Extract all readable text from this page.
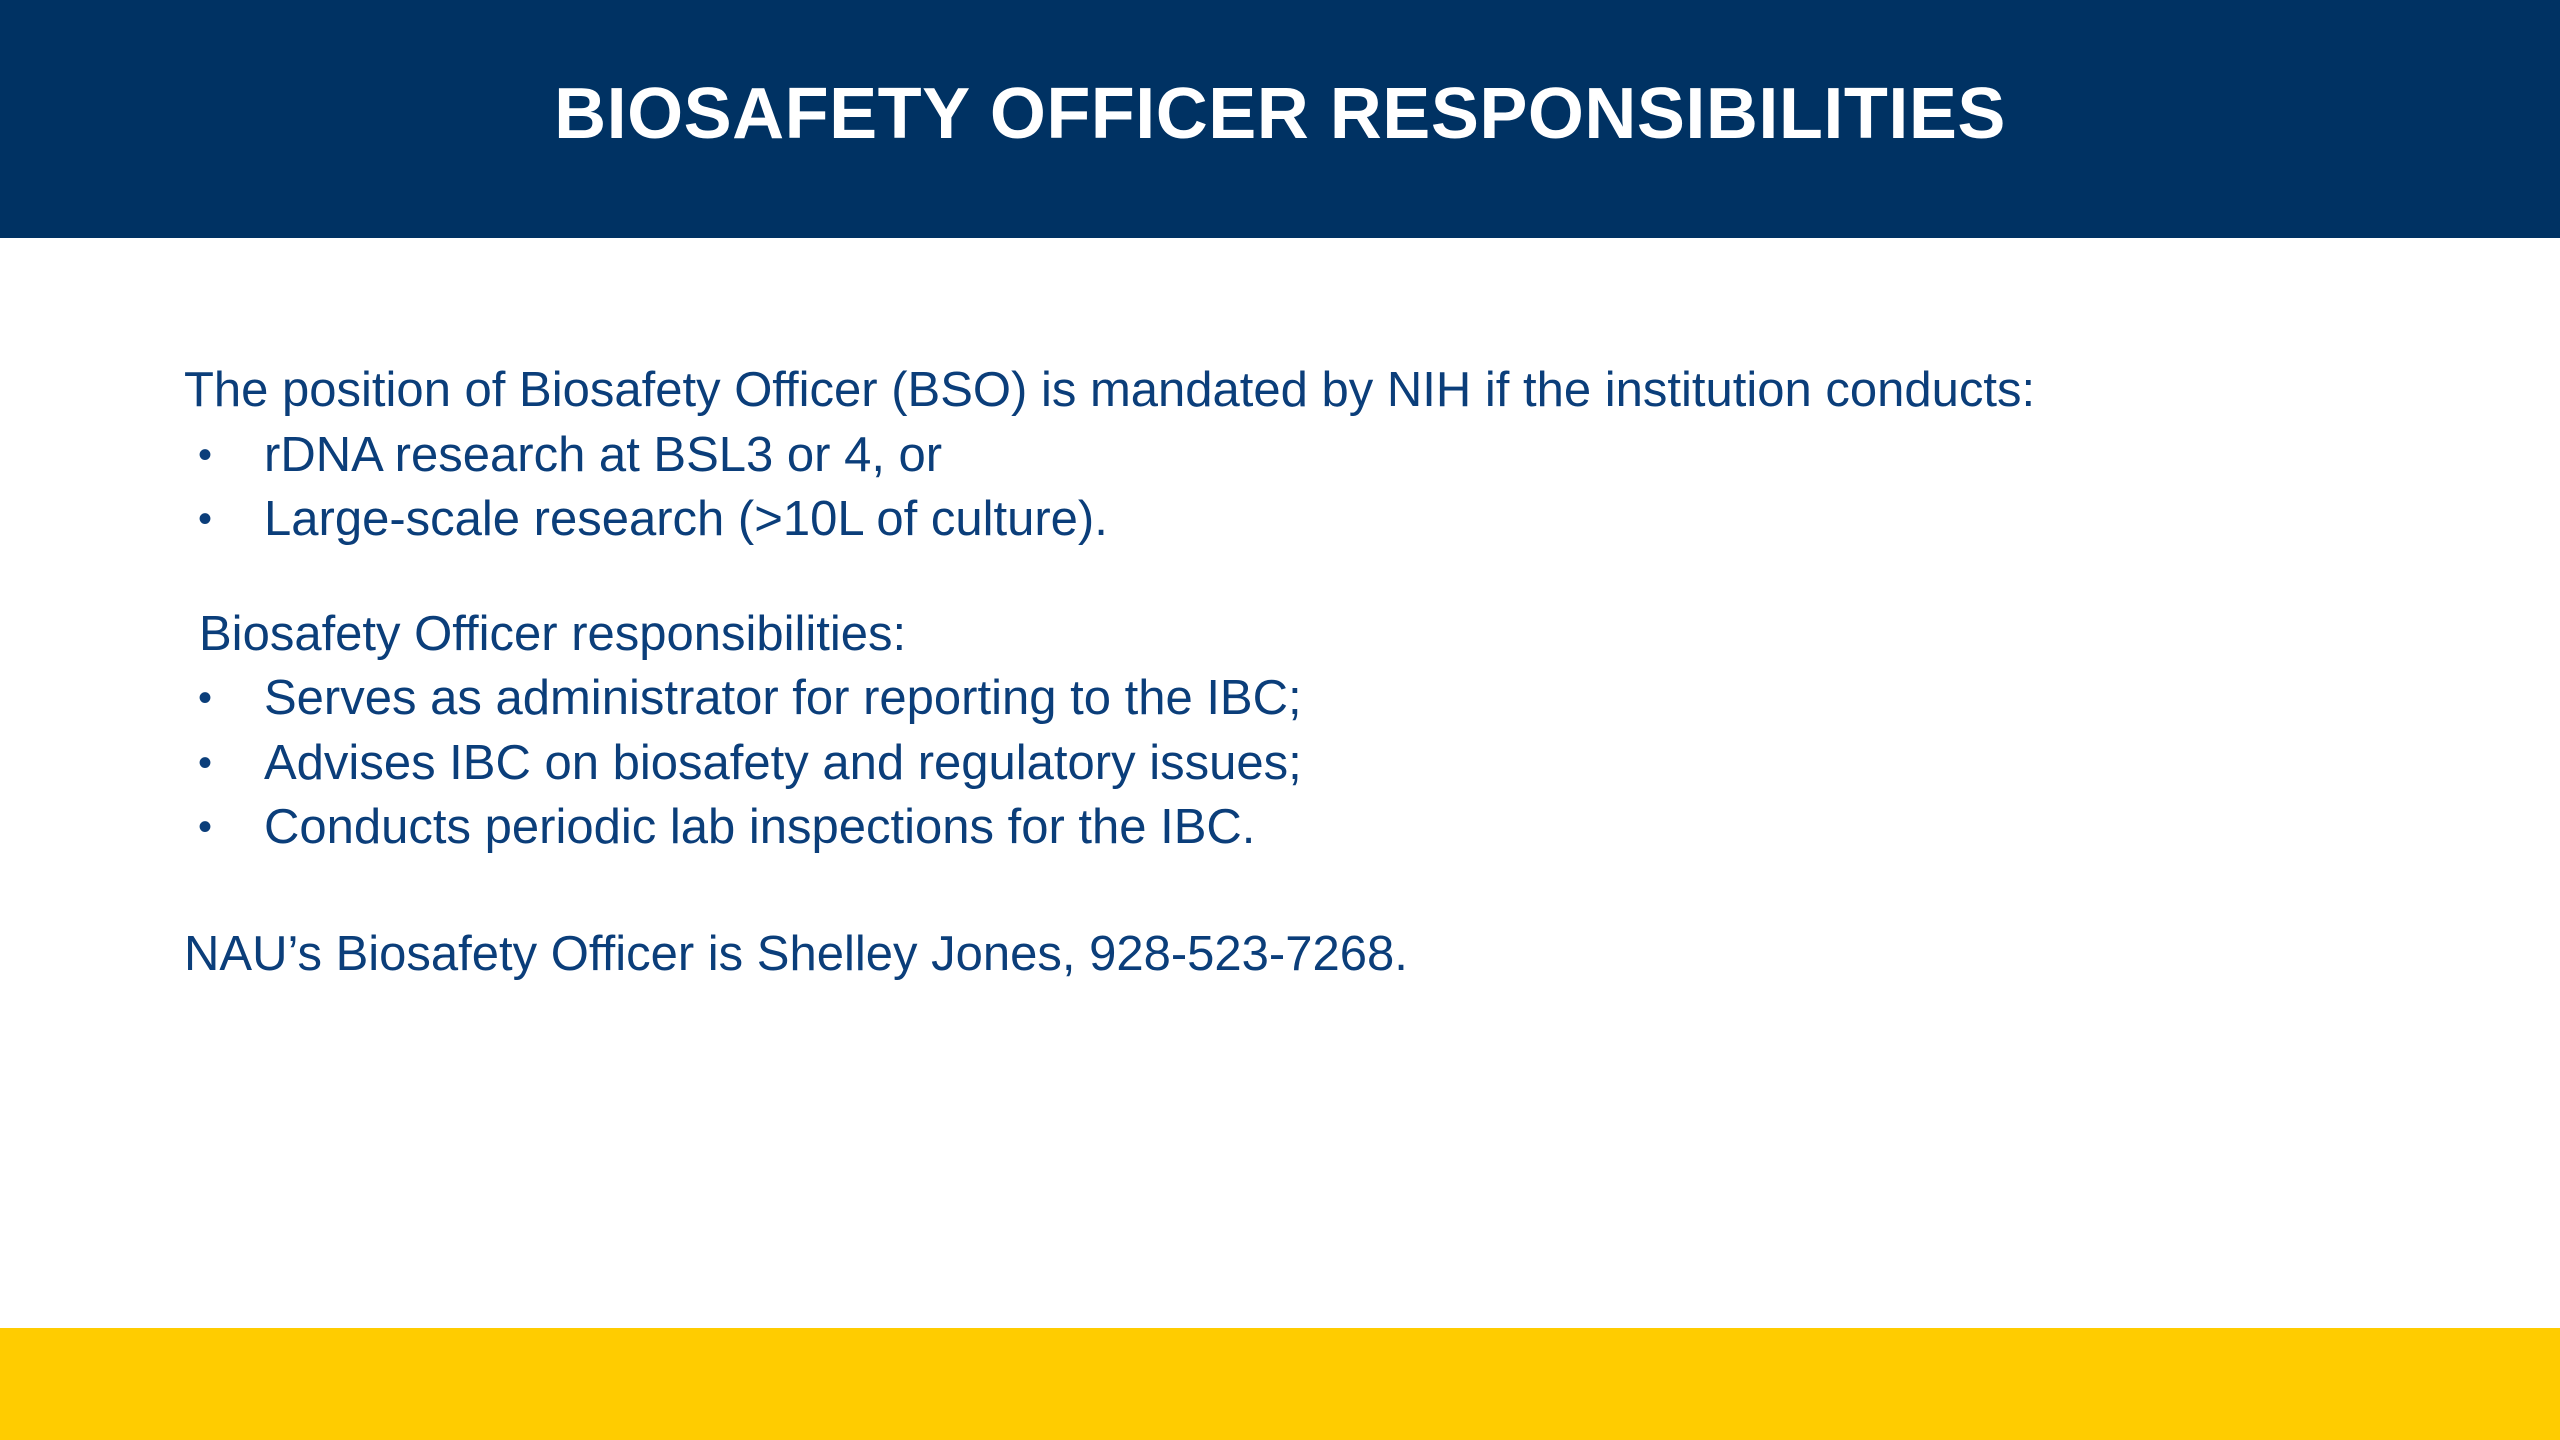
BIOSAFETY OFFICER RESPONSIBILITIES

The position of Biosafety Officer (BSO) is mandated by NIH if the institution conducts:

• rDNA research at BSL3 or 4, or
• Large-scale research (>10L of culture).

Biosafety Officer responsibilities:

• Serves as administrator for reporting to the IBC;
• Advises IBC on biosafety and regulatory issues;
• Conducts periodic lab inspections for the IBC.

NAU’s Biosafety Officer is Shelley Jones, 928-523-7268.
